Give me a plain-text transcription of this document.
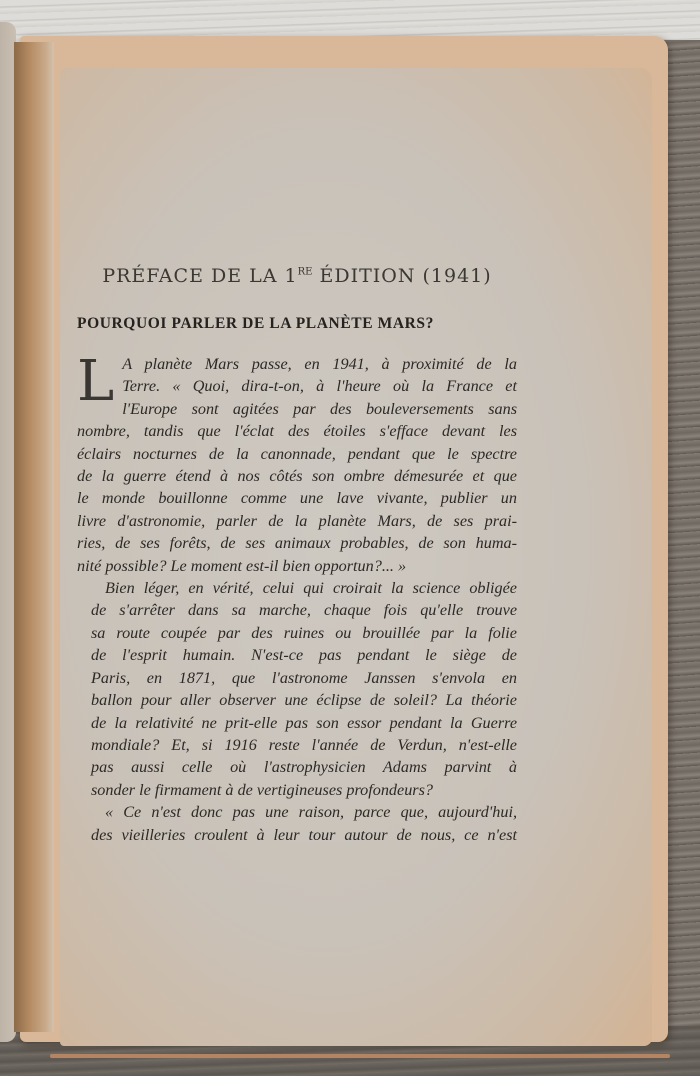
PRÉFACE DE LA 1RE ÉDITION (1941)
POURQUOI PARLER DE LA PLANÈTE MARS?

L A planète Mars passe, en 1941, à proximité de la
Terre. « Quoi, dira-t-on, à l'heure où la France et
l'Europe sont agitées par des bouleversements sans
nombre, tandis que l'éclat des étoiles s'efface devant les
éclairs nocturnes de la canonnade, pendant que le spectre
de la guerre étend à nos côtés son ombre démesurée et que
le monde bouillonne comme une lave vivante, publier un
livre d'astronomie, parler de la planète Mars, de ses prai-
ries, de ses forêts, de ses animaux probables, de son huma-
nité possible? Le moment est-il bien opportun?... »

Bien léger, en vérité, celui qui croirait la science obligée
de s'arrêter dans sa marche, chaque fois qu'elle trouve
sa route coupée par des ruines ou brouillée par la folie
de l'esprit humain. N'est-ce pas pendant le siège de
Paris, en 1871, que l'astronome Janssen s'envola en
ballon pour aller observer une éclipse de soleil? La théorie
de la relativité ne prit-elle pas son essor pendant la Guerre
mondiale? Et, si 1916 reste l'année de Verdun, n'est-elle
pas aussi celle où l'astrophysicien Adams parvint à
sonder le firmament à de vertigineuses profondeurs?

« Ce n'est donc pas une raison, parce que, aujourd'hui,
des vieilleries croulent à leur tour autour de nous, ce n'est
